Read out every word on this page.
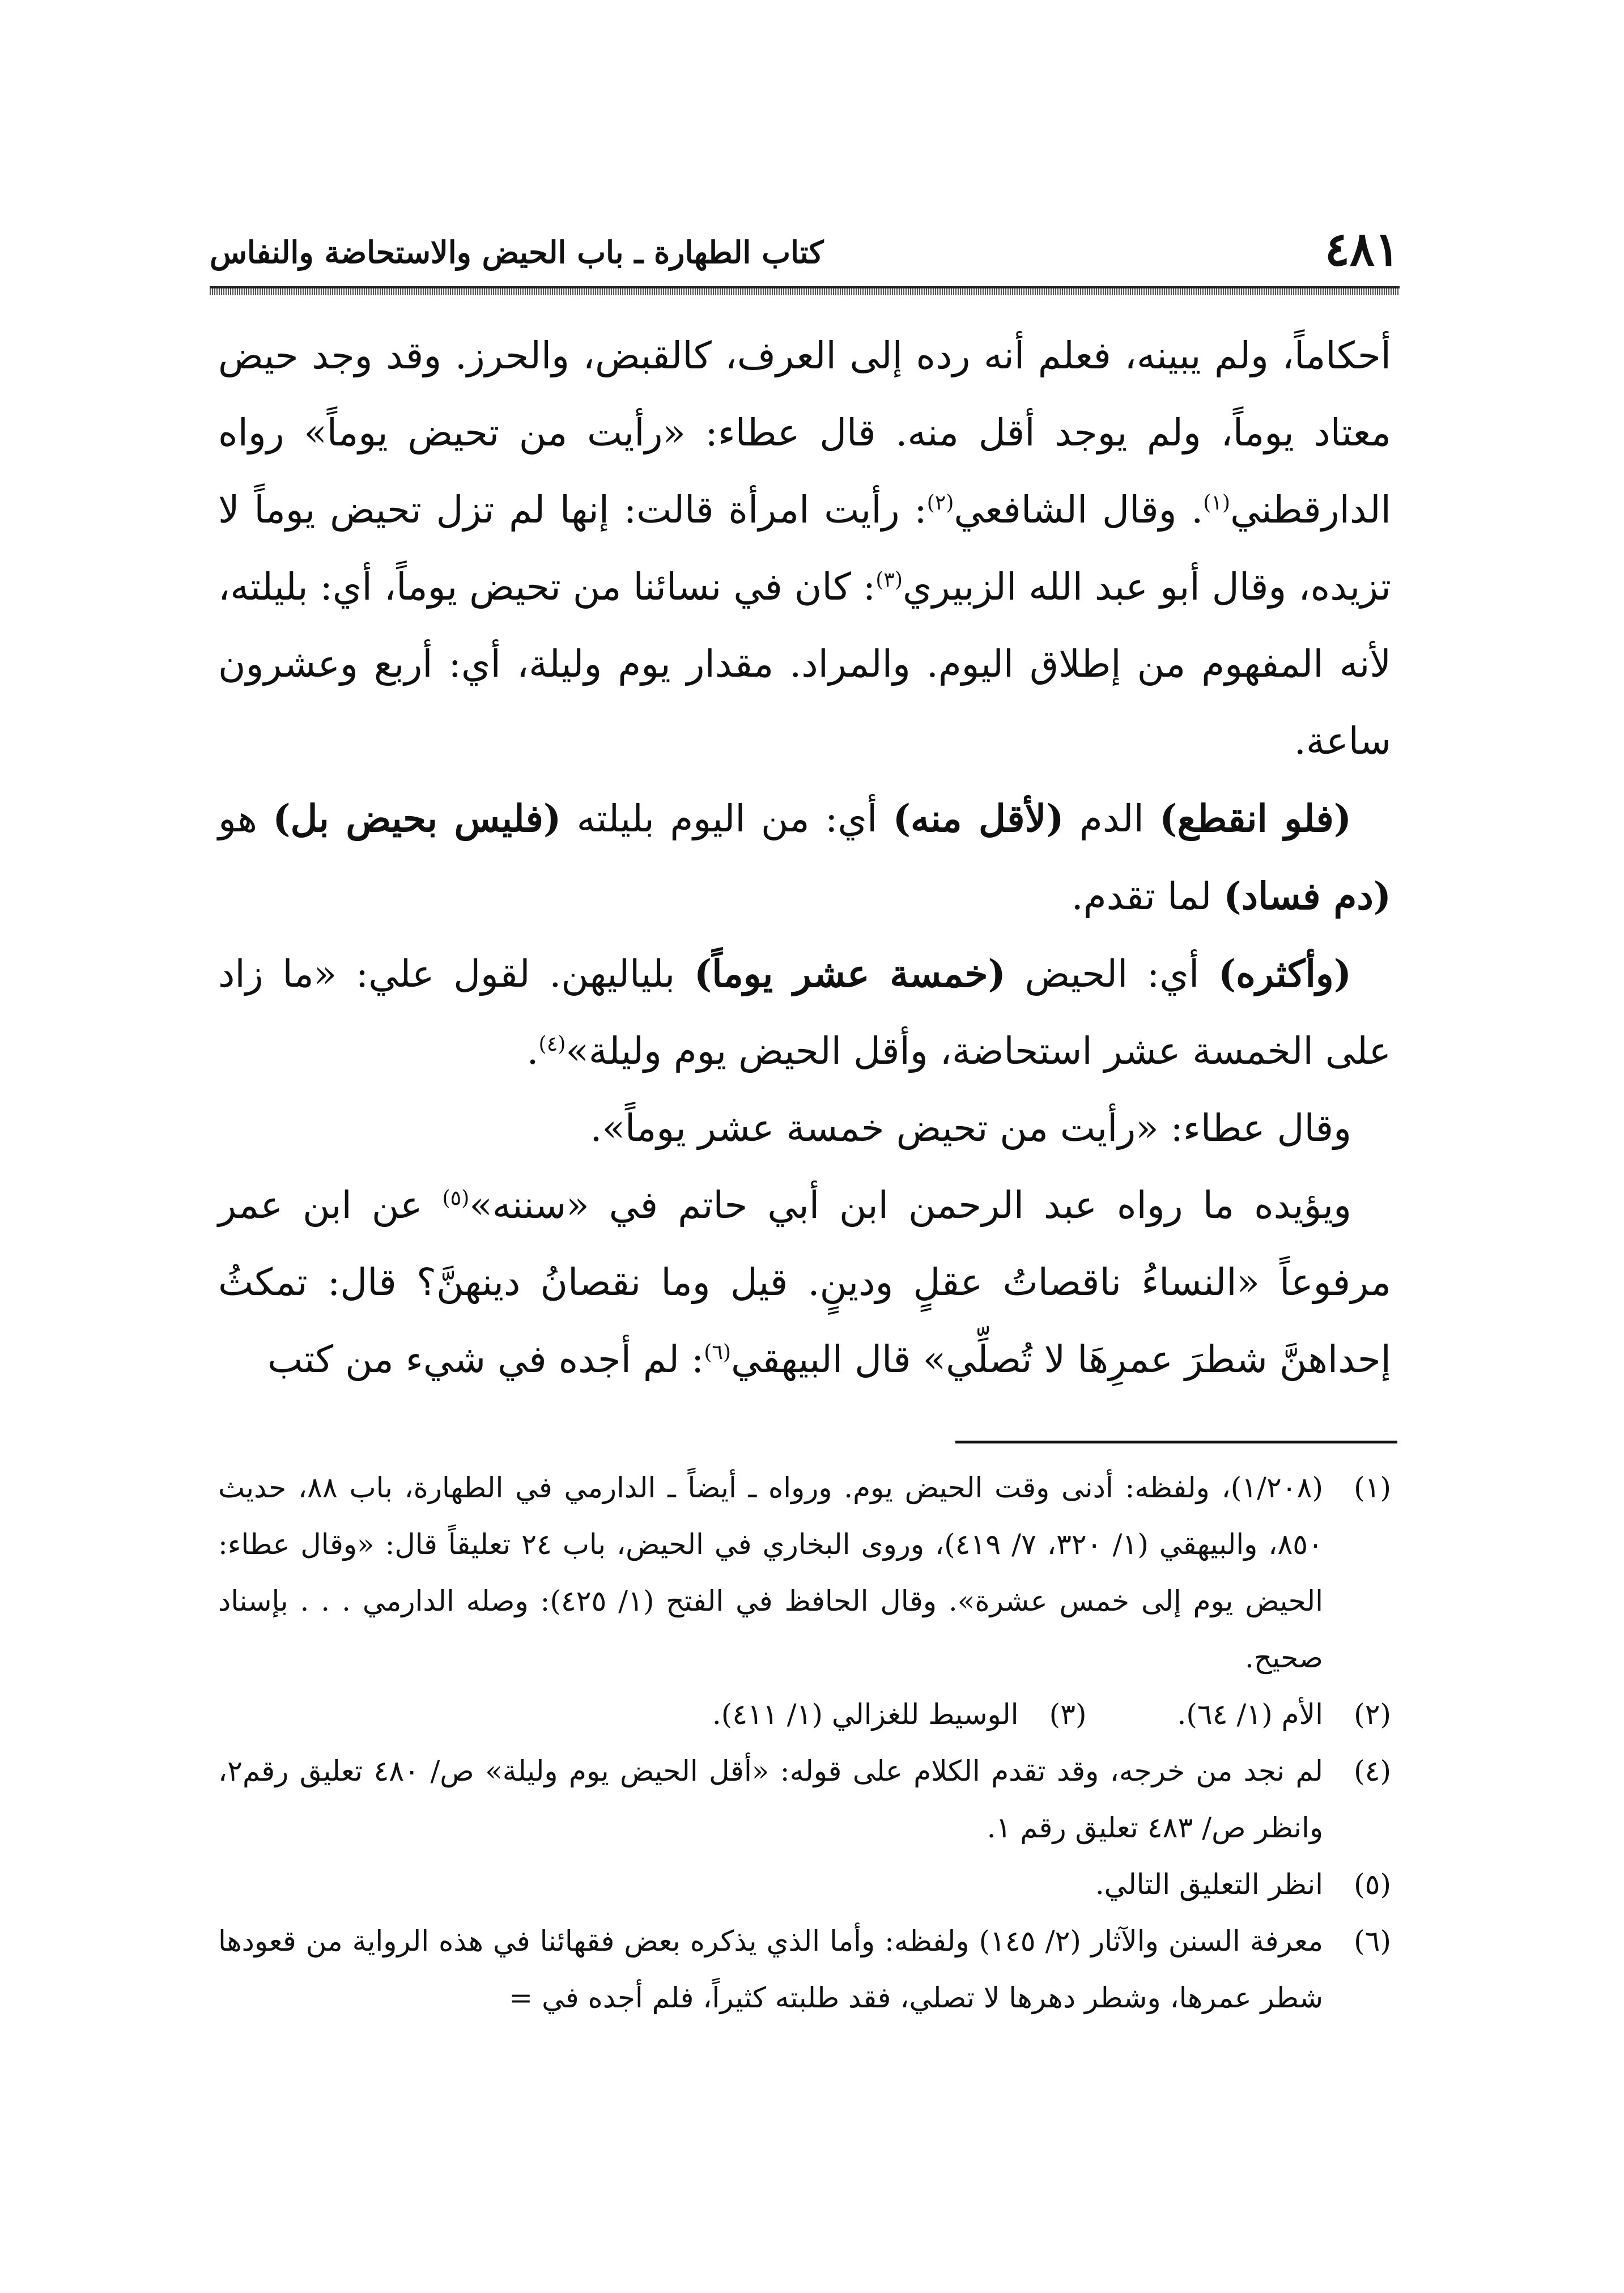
٤٨١
كتاب الطهارة ـ باب الحيض والاستحاضة والنفاس

أحكاماً، ولم يبينه، فعلم أنه رده إلى العرف، كالقبض، والحرز. وقد وجد حيض معتاد يوماً، ولم يوجد أقل منه. قال عطاء: «رأيت من تحيض يوماً» رواه الدارقطني$^{(١)}$. وقال الشافعي$^{(٢)}$: رأيت امرأة قالت: إنها لم تزل تحيض يوماً لا تزيده، وقال أبو عبد الله الزبيري$^{(٣)}$: كان في نسائنا من تحيض يوماً، أي: بليلته، لأنه المفهوم من إطلاق اليوم. والمراد. مقدار يوم وليلة، أي: أربع وعشرون ساعة.

(فلو انقطع) الدم (لأقل منه) أي: من اليوم بليلته (فليس بحيض بل) هو (دم فساد) لما تقدم.

(وأكثره) أي: الحيض (خمسة عشر يوماً) بلياليهن. لقول علي: «ما زاد على الخمسة عشر استحاضة، وأقل الحيض يوم وليلة»$^{(٤)}$.

وقال عطاء: «رأيت من تحيض خمسة عشر يوماً».

ويؤيده ما رواه عبد الرحمن ابن أبي حاتم في «سننه»$^{(٥)}$ عن ابن عمر مرفوعاً «النساءُ ناقصاتُ عقلٍ ودينٍ. قيل وما نقصانُ دينهنَّ؟ قال: تمكثُ إحداهنَّ شطرَ عمرِهَا لا تُصلِّي» قال البيهقي$^{(٦)}$: لم أجده في شيء من كتب

(١)
(١/٢٠٨)، ولفظه: أدنى وقت الحيض يوم. ورواه ـ أيضاً ـ الدارمي في الطهارة، باب ٨٨، حديث ٨٥٠، والبيهقي (١/ ٣٢٠، ٧/ ٤١٩)، وروى البخاري في الحيض، باب ٢٤ تعليقاً قال: «وقال عطاء: الحيض يوم إلى خمس عشرة». وقال الحافظ في الفتح (١/ ٤٢٥): وصله الدارمي . . . بإسناد صحيح.
(٢)
الأم (١/ ٦٤).
(٣)
الوسيط للغزالي (١/ ٤١١).
(٤)
لم نجد من خرجه، وقد تقدم الكلام على قوله: «أقل الحيض يوم وليلة» ص/ ٤٨٠ تعليق رقم٢، وانظر ص/ ٤٨٣ تعليق رقم ١.
(٥)
انظر التعليق التالي.
(٦)
معرفة السنن والآثار (٢/ ١٤٥) ولفظه: وأما الذي يذكره بعض فقهائنا في هذه الرواية من قعودها شطر عمرها، وشطر دهرها لا تصلي، فقد طلبته كثيراً، فلم أجده في =
